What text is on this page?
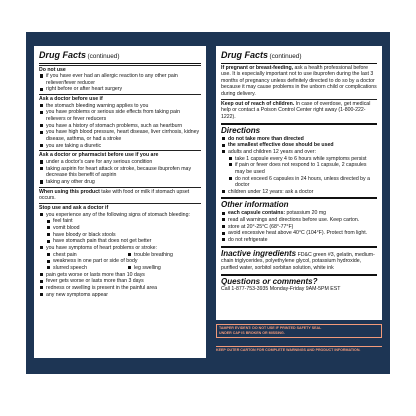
Drug Facts (continued)
Do not use
if you have ever had an allergic reaction to any other pain reliever/fever reducer
right before or after heart surgery
Ask a doctor before use if
the stomach bleeding warning applies to you
you have problems or serious side effects from taking pain relievers or fever reducers
you have a history of stomach problems, such as heartburn
you have high blood pressure, heart disease, liver cirrhosis, kidney disease, asthma, or had a stroke
you are taking a diuretic
Ask a doctor or pharmacist before use if you are
under a doctor's care for any serious condition
taking aspirin for heart attack or stroke, because ibuprofen may decrease this benefit of aspirin
taking any other drug
When using this product take with food or milk if stomach upset occurs.
Stop use and ask a doctor if
you experience any of the following signs of stomach bleeding:
feel faint
vomit blood
have bloody or black stools
have stomach pain that does not get better
you have symptoms of heart problems or stroke:
chest pain	trouble breathing
weakness in one part or side of body
slurred speech	leg swelling
pain gets worse or lasts more than 10 days
fever gets worse or lasts more than 3 days
redness or swelling is present in the painful area
any new symptoms appear
Drug Facts (continued)
If pregnant or breast-feeding, ask a health professional before use. It is especially important not to use ibuprofen during the last 3 months of pregnancy unless definitely directed to do so by a doctor because it may cause problems in the unborn child or complications during delivery.
Keep out of reach of children. In case of overdose, get medical help or contact a Poison Control Center right away (1-800-222-1222).
Directions
do not take more than directed
the smallest effective dose should be used
adults and children 12 years and over:
take 1 capsule every 4 to 6 hours while symptoms persist
if pain or fever does not respond to 1 capsule, 2 capsules may be used
do not exceed 6 capsules in 24 hours, unless directed by a doctor
children under 12 years: ask a doctor
Other information
each capsule contains: potassium 20 mg
read all warnings and directions before use. Keep carton.
store at 20°-25°C (68°-77°F)
avoid excessive heat above 40°C (104°F). Protect from light.
do not refrigerate
Inactive ingredients FD&C green #3, gelatin, medium-chain triglycerides, polyethylene glycol, potassium hydroxide, purified water, sorbitol sorbitan solution, white ink
Questions or comments?
Call 1-877-753-3935 Monday-Friday 9AM-5PM EST
TAMPER EVIDENT: DO NOT USE IF PRINTED SAFETY SEAL
UNDER CAP IS BROKEN OR MISSING.
KEEP OUTER CARTON FOR COMPLETE WARNINGS AND PRODUCT INFORMATION.
